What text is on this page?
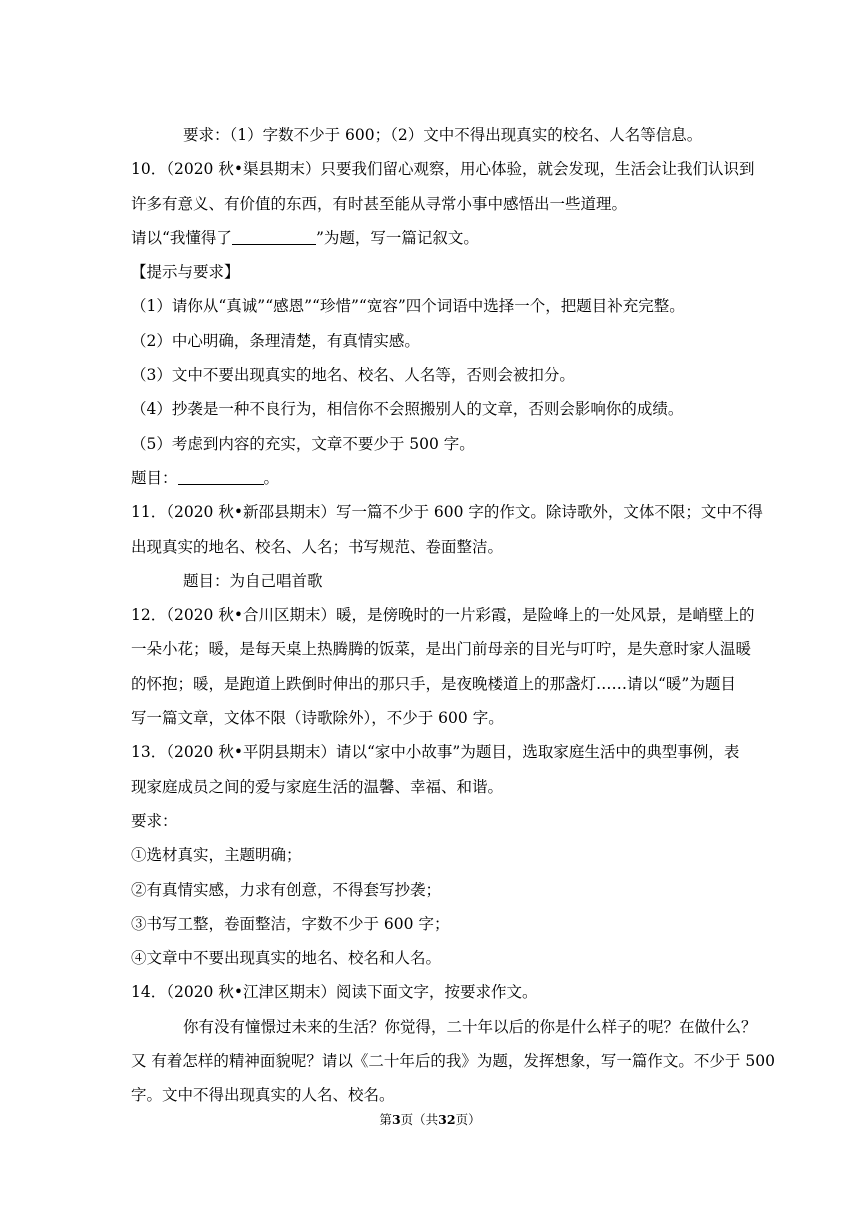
要求：（1）字数不少于 600；（2）文中不得出现真实的校名、人名等信息。
10．（2020 秋•渠县期末）只要我们留心观察，用心体验，就会发现，生活会让我们认识到
许多有意义、有价值的东西，有时甚至能从寻常小事中感悟出一些道理。
请以“我懂得了	”为题，写一篇记叙文。
【提示与要求】
（1）请你从“真诚”“感恩”“珍惜”“宽容”四个词语中选择一个，把题目补充完整。
（2）中心明确，条理清楚，有真情实感。
（3）文中不要出现真实的地名、校名、人名等，否则会被扣分。
（4）抄袭是一种不良行为，相信你不会照搬别人的文章，否则会影响你的成绩。
（5）考虑到内容的充实，文章不要少于 500 字。
题目：	。
11．（2020 秋•新邵县期末）写一篇不少于 600 字的作文。除诗歌外，文体不限；文中不得
出现真实的地名、校名、人名；书写规范、卷面整洁。
题目：为自己唱首歌
12．（2020 秋•合川区期末）暖，是傍晚时的一片彩霞，是险峰上的一处风景，是峭壁上的
一朵小花；暖，是每天桌上热腾腾的饭菜，是出门前母亲的目光与叮咛，是失意时家人温暖
的怀抱；暖，是跑道上跌倒时伸出的那只手，是夜晚楼道上的那盏灯……请以“暖”为题目
写一篇文章，文体不限（诗歌除外），不少于 600 字。
13．（2020 秋•平阴县期末）请以“家中小故事”为题目，选取家庭生活中的典型事例，表
现家庭成员之间的爱与家庭生活的温馨、幸福、和谐。
要求：
①选材真实，主题明确；
②有真情实感，力求有创意，不得套写抄袭；
③书写工整，卷面整洁，字数不少于 600 字；
④文章中不要出现真实的地名、校名和人名。
14．（2020 秋•江津区期末）阅读下面文字，按要求作文。
你有没有憧憬过未来的生活？你觉得，二十年以后的你是什么样子的呢？在做什么？
又 有着怎样的精神面貌呢？请以《二十年后的我》为题，发挥想象，写一篇作文。不少于 500
字。文中不得出现真实的人名、校名。
第3页（共32页）
